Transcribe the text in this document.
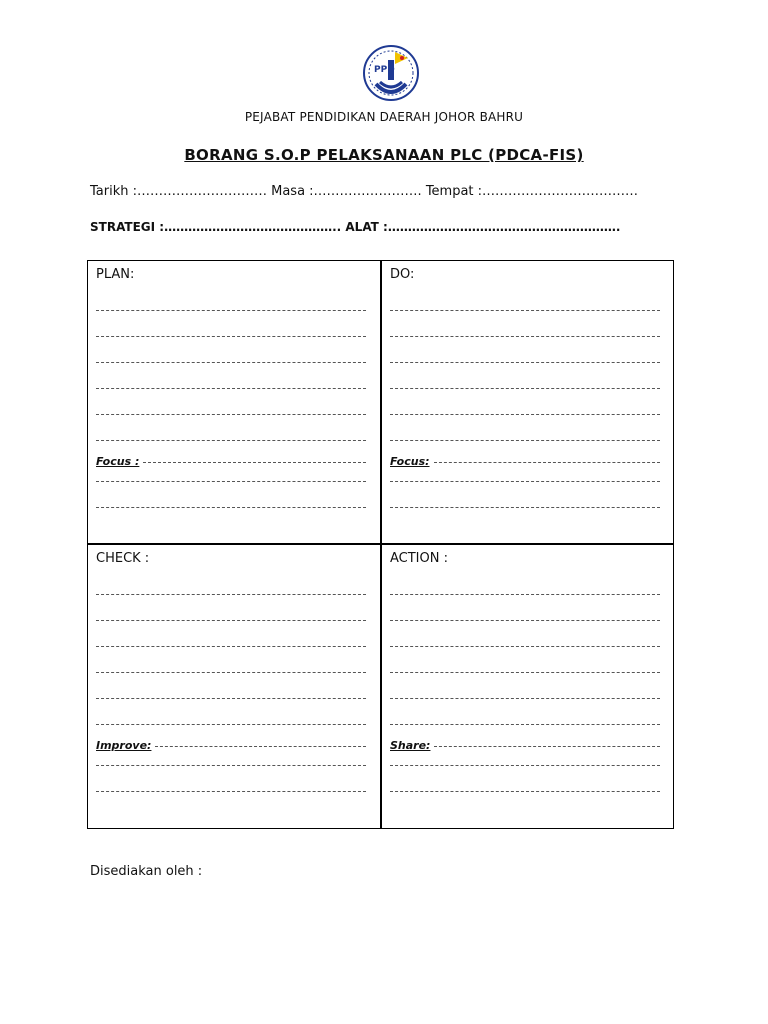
PPD
PEJABAT PENDIDIKAN DAERAH JOHOR BAHRU
BORANG S.O.P PELAKSANAAN PLC (PDCA-FIS)
Tarikh :………………………… Masa :……………………. Tempat :………………………………
STRATEGI :…………………………………….. ALAT :………………………………………………….
PLAN:
Focus :
DO:
Focus:
CHECK :
Improve:
ACTION :
Share:
Disediakan oleh :
